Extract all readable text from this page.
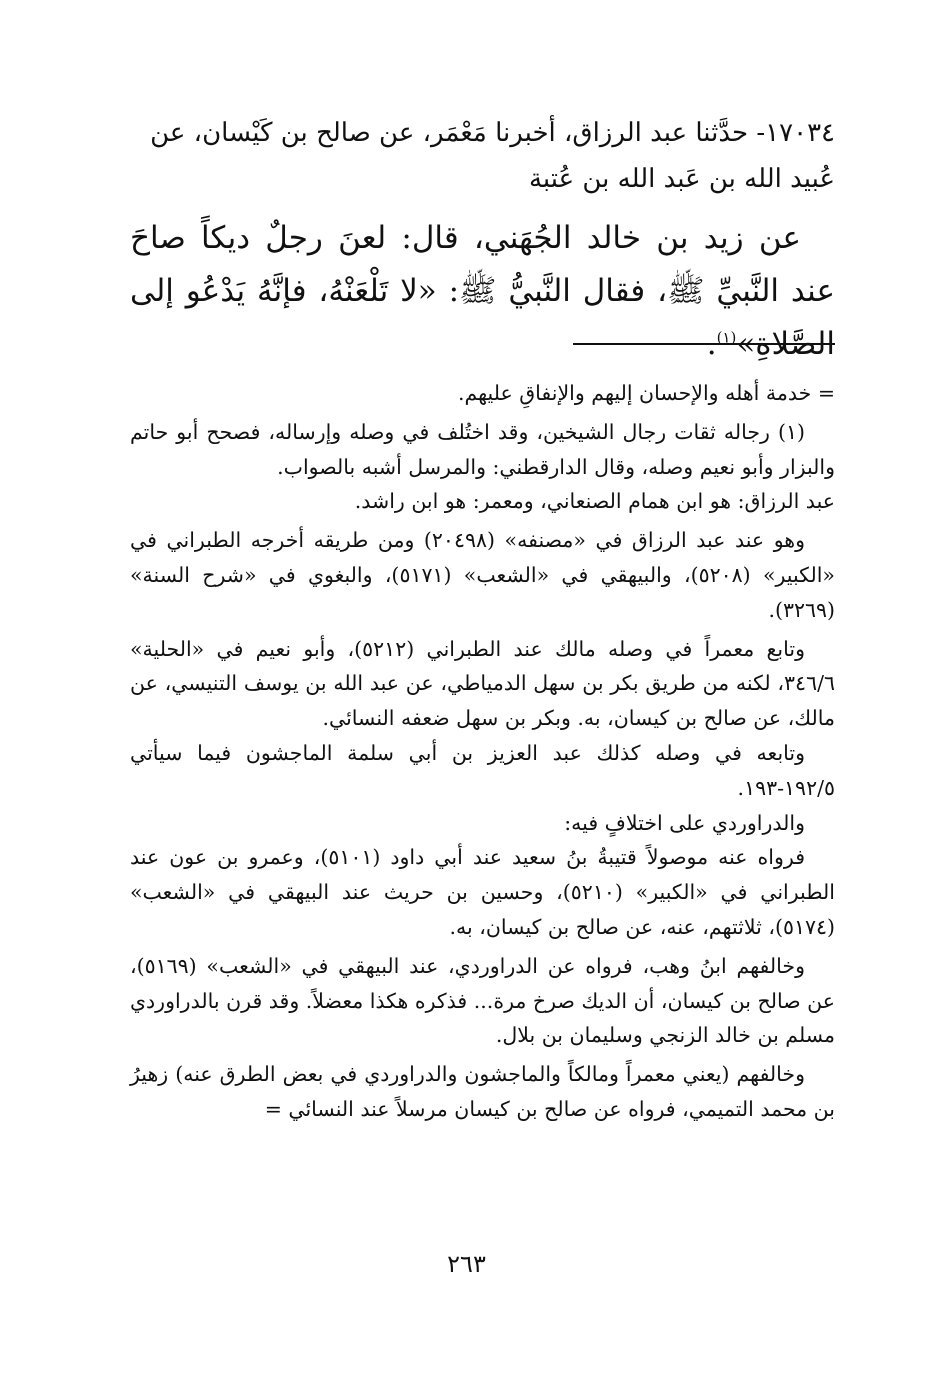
١٧٠٣٤- حدَّثنا عبد الرزاق، أخبرنا مَعْمَر، عن صالح بن كَيْسان، عن

عُبيد الله بن عَبد الله بن عُتبة

عن زيد بن خالد الجُهَني، قال: لعنَ رجلٌ ديكاً صاحَ عند النَّبيِّ ﷺ، فقال النَّبيُّ ﷺ: «لا تَلْعَنْهُ، فإنَّهُ يَدْعُو إلى الصَّلاةِ»$^{(١)}$.

= خدمة أهله والإحسان إليهم والإنفاقِ عليهم.

(١) رجاله ثقات رجال الشيخين، وقد اختُلف في وصله وإرساله، فصحح أبو حاتم والبزار وأبو نعيم وصله، وقال الدارقطني: والمرسل أشبه بالصواب.

عبد الرزاق: هو ابن همام الصنعاني، ومعمر: هو ابن راشد.

وهو عند عبد الرزاق في «مصنفه» (٢٠٤٩٨) ومن طريقه أخرجه الطبراني في «الكبير» (٥٢٠٨)، والبيهقي في «الشعب» (٥١٧١)، والبغوي في «شرح السنة» (٣٢٦٩).

وتابع معمراً في وصله مالك عند الطبراني (٥٢١٢)، وأبو نعيم في «الحلية» ٣٤٦/٦، لكنه من طريق بكر بن سهل الدمياطي، عن عبد الله بن يوسف التنيسي، عن مالك، عن صالح بن كيسان، به. وبكر بن سهل ضعفه النسائي.

وتابعه في وصله كذلك عبد العزيز بن أبي سلمة الماجشون فيما سيأتي ١٩٢/٥-١٩٣.

والدراوردي على اختلافٍ فيه:

فرواه عنه موصولاً قتيبةُ بنُ سعيد عند أبي داود (٥١٠١)، وعمرو بن عون عند الطبراني في «الكبير» (٥٢١٠)، وحسين بن حريث عند البيهقي في «الشعب» (٥١٧٤)، ثلاثتهم، عنه، عن صالح بن كيسان، به.

وخالفهم ابنُ وهب، فرواه عن الدراوردي، عند البيهقي في «الشعب» (٥١٦٩)، عن صالح بن كيسان، أن الديك صرخ مرة... فذكره هكذا معضلاً. وقد قرن بالدراوردي مسلم بن خالد الزنجي وسليمان بن بلال.

وخالفهم (يعني معمراً ومالكاً والماجشون والدراوردي في بعض الطرق عنه) زهيرُ بن محمد التميمي، فرواه عن صالح بن كيسان مرسلاً عند النسائي =

٢٦٣
